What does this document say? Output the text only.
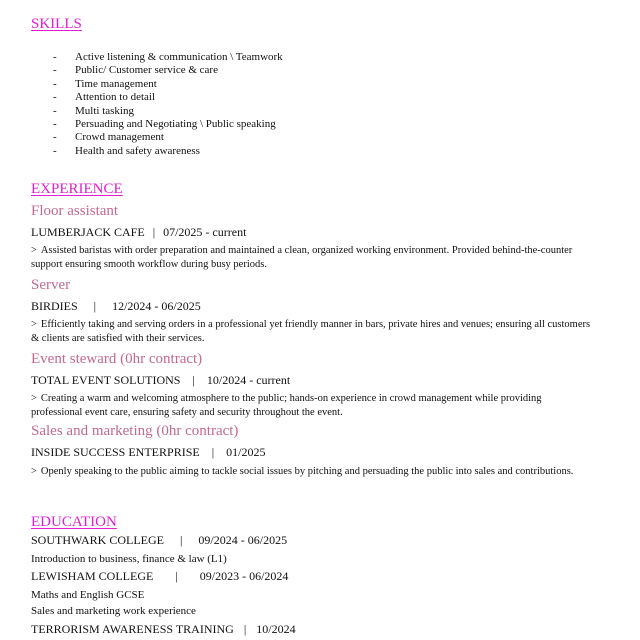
SKILLS
- Active listening & communication \ Teamwork
- Public/ Customer service & care
- Time management
- Attention to detail
- Multi tasking
- Persuading and Negotiating \ Public speaking
- Crowd management
- Health and safety awareness
EXPERIENCE
Floor assistant
LUMBERJACK CAFE | 07/2025 - current
> Assisted baristas with order preparation and maintained a clean, organized working environment. Provided behind-the-counter support ensuring smooth workflow during busy periods.
Server
BIRDIES | 12/2024 - 06/2025
> Efficiently taking and serving orders in a professional yet friendly manner in bars, private hires and venues; ensuring all customers & clients are satisfied with their services.
Event steward (0hr contract)
TOTAL EVENT SOLUTIONS | 10/2024 - current
> Creating a warm and welcoming atmosphere to the public; hands-on experience in crowd management while providing professional event care, ensuring safety and security throughout the event.
Sales and marketing (0hr contract)
INSIDE SUCCESS ENTERPRISE | 01/2025
> Openly speaking to the public aiming to tackle social issues by pitching and persuading the public into sales and contributions.
EDUCATION
SOUTHWARK COLLEGE | 09/2024 - 06/2025
Introduction to business, finance & law (L1)
LEWISHAM COLLEGE | 09/2023 - 06/2024
Maths and English GCSE
Sales and marketing work experience
TERRORISM AWARENESS TRAINING | 10/2024
